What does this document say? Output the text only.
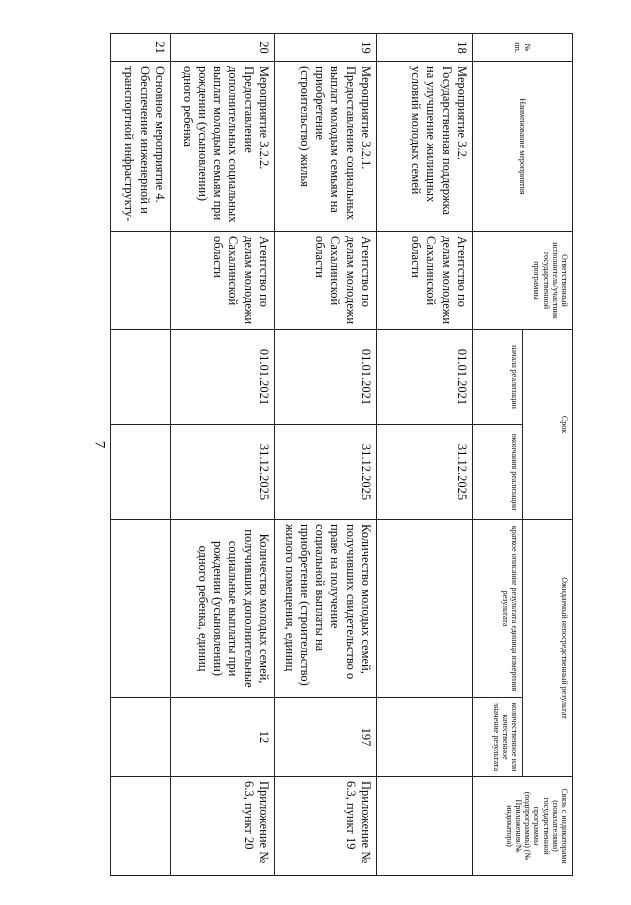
7
№ пп.	Наименование мероприятия	Ответственный исполнитель/участник государственной программы	Срок		Ожидаемый непосредственный результат		Связь с индикаторами (показателями) государственной программы (подпрограммы) (№ Приложения/№ индикатора)
			начала реализации	окончания реализации	краткое описание результата единица измерения результата	количественное или качественное значение результата	
18	Мероприятие 3.2. Государственная поддержка на улучшение жилищных условий молодых семей	Агентство по делам молодежи Сахалинской области	01.01.2021	31.12.2025			
19	Мероприятие 3.2.1. Предоставление социальных выплат молодым семьям на приобретение (строительство) жилья	Агентство по делам молодежи Сахалинской области	01.01.2021	31.12.2025	Количество молодых семей, получивших свидетельство о праве на получение социальной выплаты на приобретение (строительство) жилого помещения, единиц	197	Приложение № 6.3, пункт 19
20	Мероприятие 3.2.2. Предоставление дополнительных социальных выплат молодым семьям при рождении (усыновлении) одного ребенка	Агентство по делам молодежи Сахалинской области	01.01.2021	31.12.2025	Количество молодых семей, получивших дополнительные социальные выплаты при рождении (усыновлении) одного ребенка, единиц	12	Приложение № 6.3, пункт 20
21	Основное мероприятие 4. Обеспечение инженерной и транспортной инфраструкту-						
